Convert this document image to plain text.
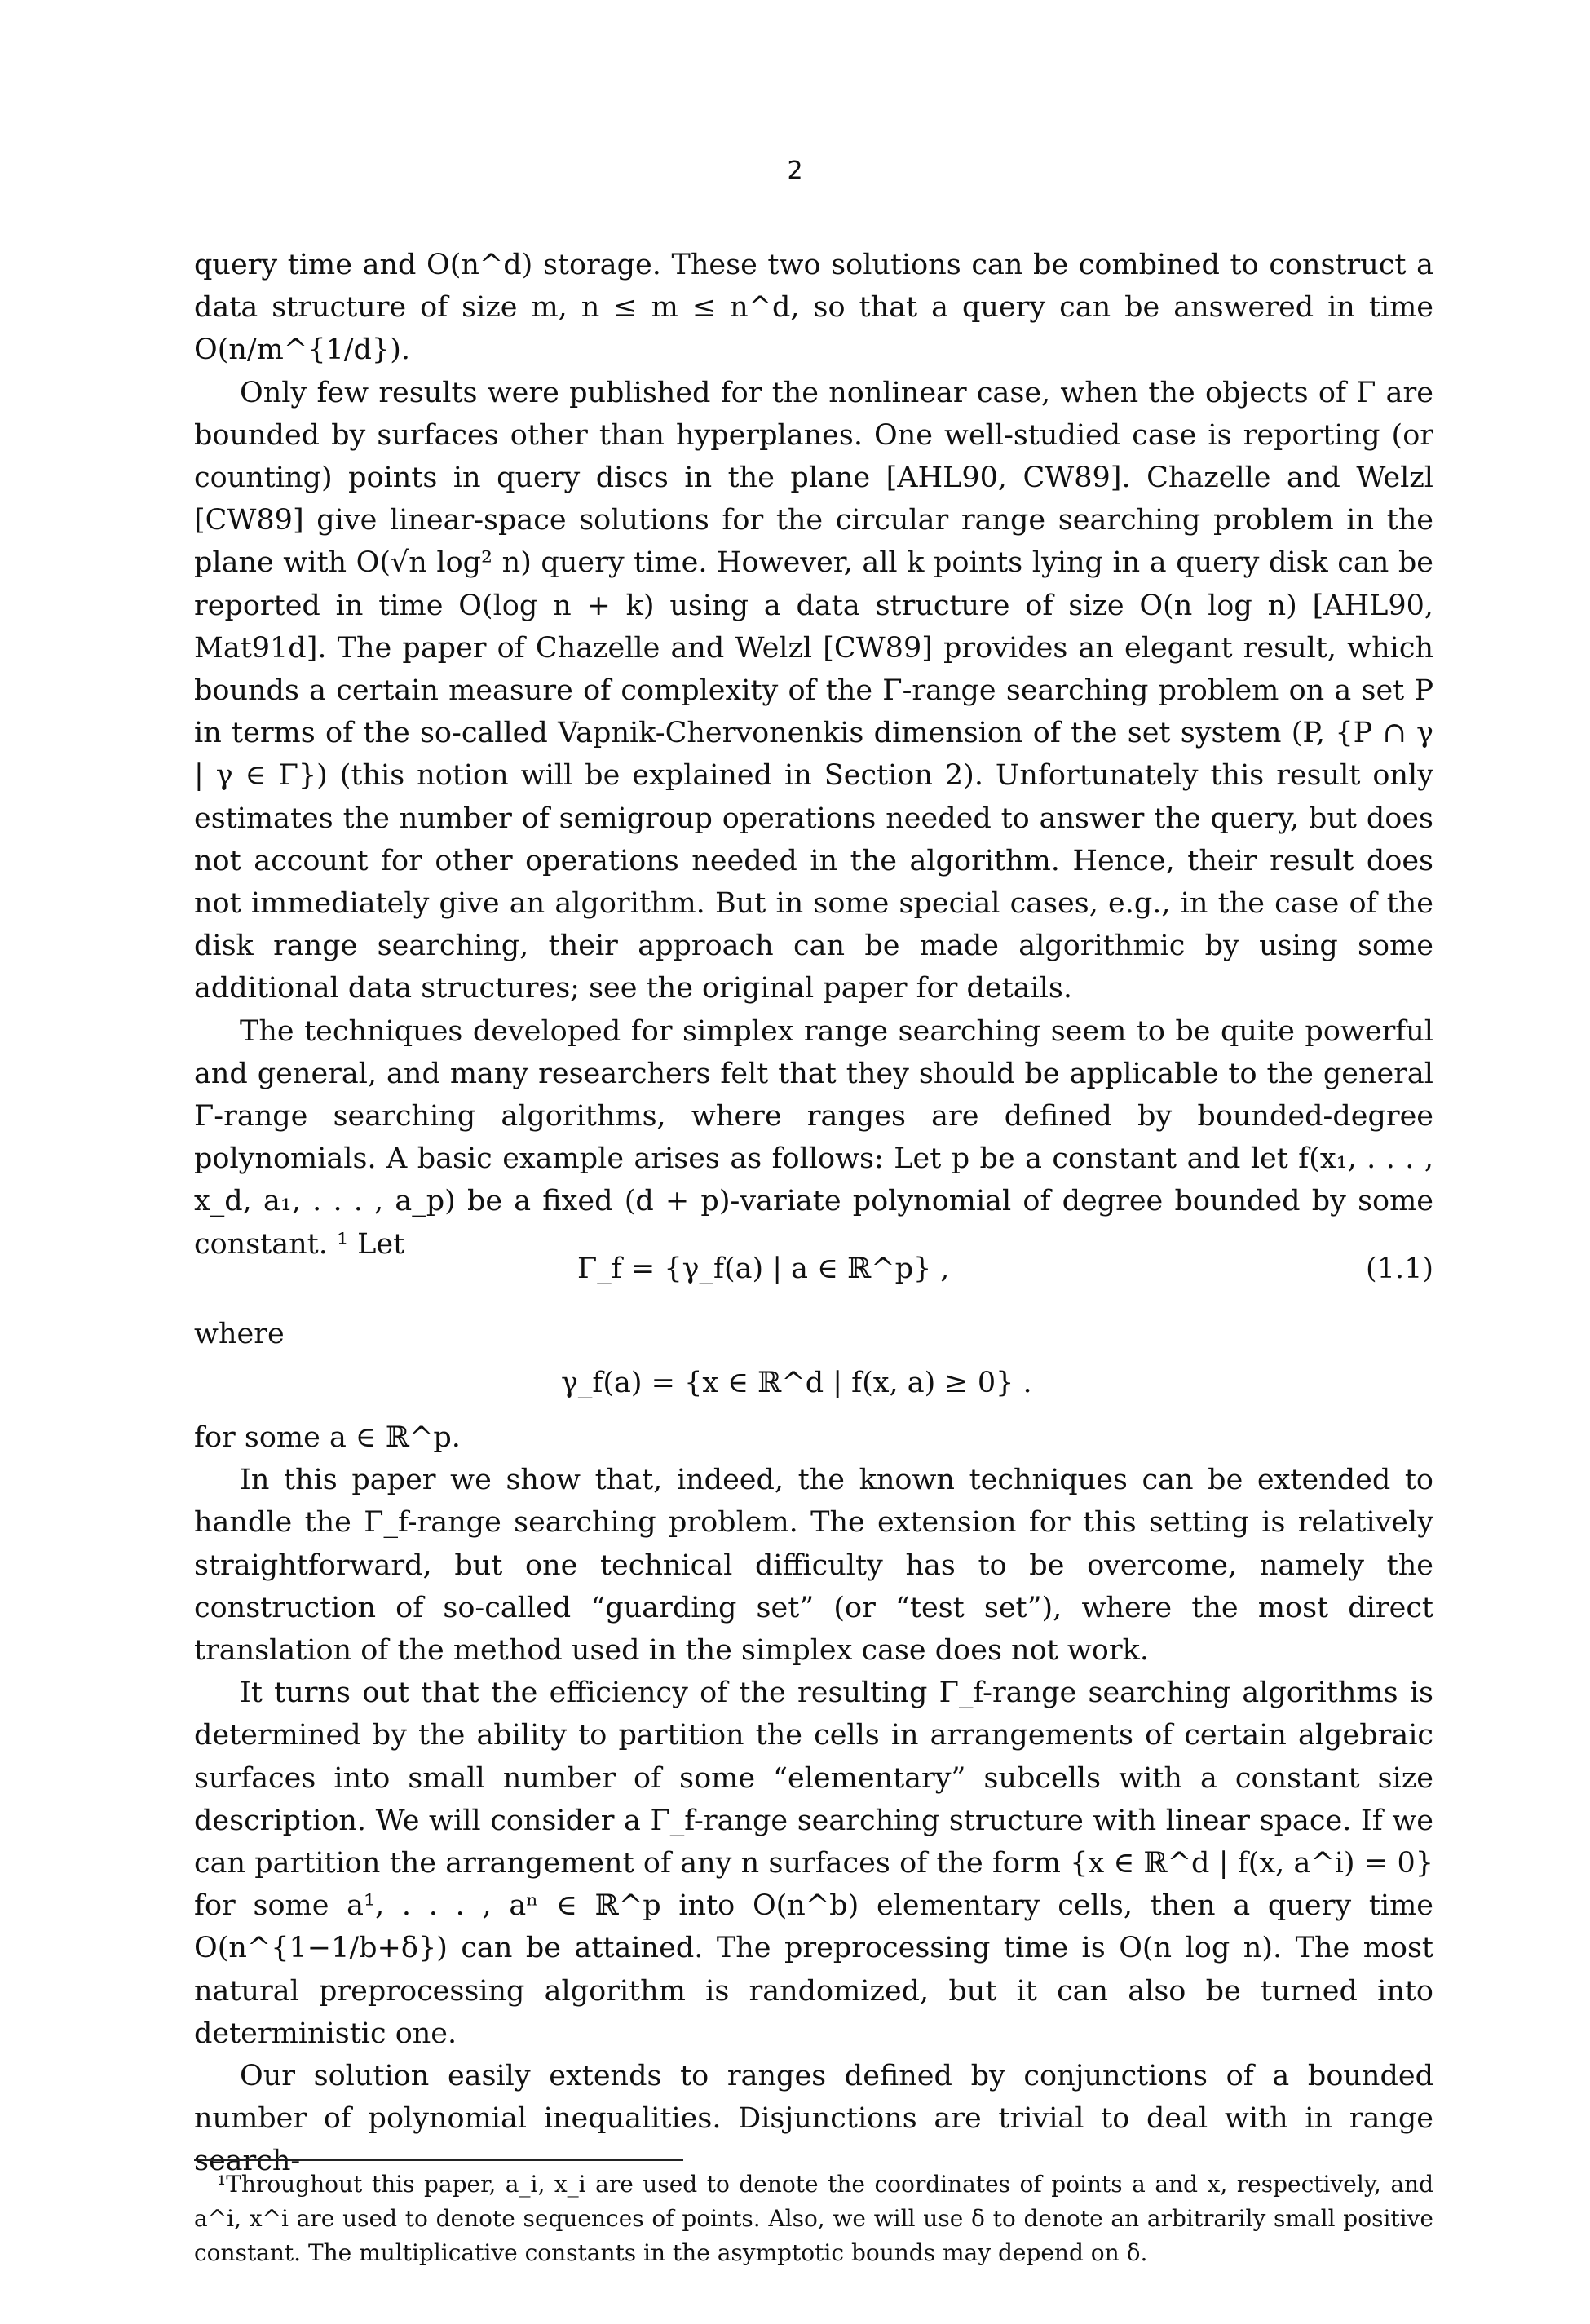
2

query time and O(n^d) storage. These two solutions can be combined to construct a data structure of size m, n ≤ m ≤ n^d, so that a query can be answered in time O(n/m^{1/d}).

Only few results were published for the nonlinear case, when the objects of Γ are bounded by surfaces other than hyperplanes. One well-studied case is reporting (or counting) points in query discs in the plane [AHL90, CW89]. Chazelle and Welzl [CW89] give linear-space solutions for the circular range searching problem in the plane with O(√n log² n) query time. However, all k points lying in a query disk can be reported in time O(log n + k) using a data structure of size O(n log n) [AHL90, Mat91d]. The paper of Chazelle and Welzl [CW89] provides an elegant result, which bounds a certain measure of complexity of the Γ-range searching problem on a set P in terms of the so-called Vapnik-Chervonenkis dimension of the set system (P, {P ∩ γ | γ ∈ Γ}) (this notion will be explained in Section 2). Unfortunately this result only estimates the number of semigroup operations needed to answer the query, but does not account for other operations needed in the algorithm. Hence, their result does not immediately give an algorithm. But in some special cases, e.g., in the case of the disk range searching, their approach can be made algorithmic by using some additional data structures; see the original paper for details.

The techniques developed for simplex range searching seem to be quite powerful and general, and many researchers felt that they should be applicable to the general Γ-range searching algorithms, where ranges are defined by bounded-degree polynomials. A basic example arises as follows: Let p be a constant and let f(x₁, . . . , x_d, a₁, . . . , a_p) be a fixed (d + p)-variate polynomial of degree bounded by some constant. ¹ Let

Γ_f = {γ_f(a) | a ∈ ℝ^p} ,	(1.1)
where
γ_f(a) = {x ∈ ℝ^d | f(x, a) ≥ 0} .

for some a ∈ ℝ^p.

In this paper we show that, indeed, the known techniques can be extended to handle the Γ_f-range searching problem. The extension for this setting is relatively straightforward, but one technical difficulty has to be overcome, namely the construction of so-called “guarding set” (or “test set”), where the most direct translation of the method used in the simplex case does not work.

It turns out that the efficiency of the resulting Γ_f-range searching algorithms is determined by the ability to partition the cells in arrangements of certain algebraic surfaces into small number of some “elementary” subcells with a constant size description. We will consider a Γ_f-range searching structure with linear space. If we can partition the arrangement of any n surfaces of the form {x ∈ ℝ^d | f(x, a^i) = 0} for some a¹, . . . , aⁿ ∈ ℝ^p into O(n^b) elementary cells, then a query time O(n^{1−1/b+δ}) can be attained. The preprocessing time is O(n log n). The most natural preprocessing algorithm is randomized, but it can also be turned into deterministic one.

Our solution easily extends to ranges defined by conjunctions of a bounded number of polynomial inequalities. Disjunctions are trivial to deal with in range search-

¹Throughout this paper, a_i, x_i are used to denote the coordinates of points a and x, respectively, and a^i, x^i are used to denote sequences of points. Also, we will use δ to denote an arbitrarily small positive constant. The multiplicative constants in the asymptotic bounds may depend on δ.
